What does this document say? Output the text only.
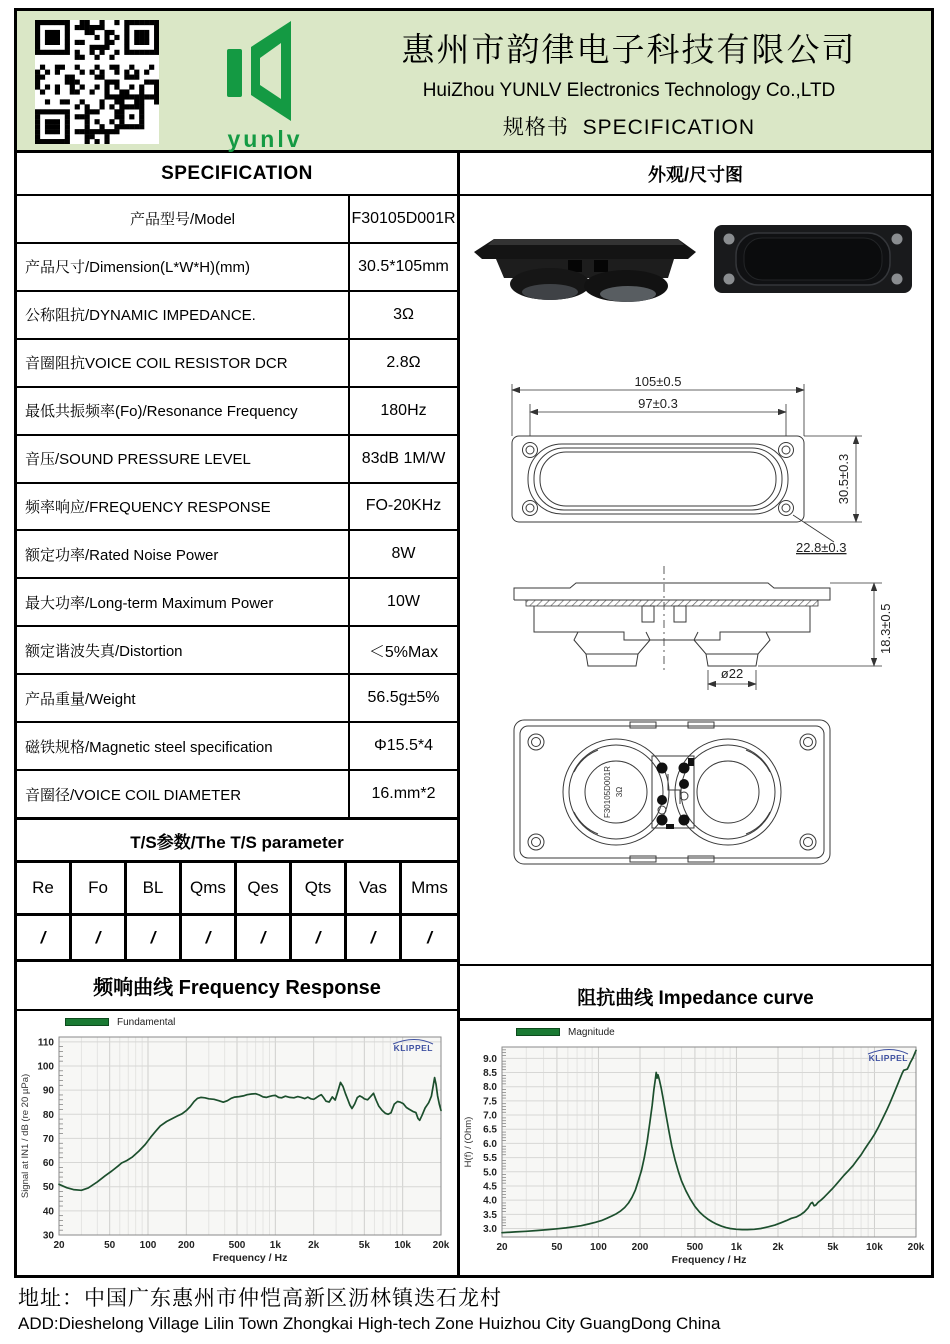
yunlv
惠州市韵律电子科技有限公司
HuiZhou YUNLV Electronics Technology Co.,LTD
规格书 SPECIFICATION
SPECIFICATION
产品型号/Model	F30105D001R
产品尺寸/Dimension(L*W*H)(mm)	30.5*105mm
公称阻抗/DYNAMIC IMPEDANCE.	3Ω
音圈阻抗VOICE COIL RESISTOR DCR	2.8Ω
最低共振频率(Fo)/Resonance Frequency	180Hz
音压/SOUND PRESSURE LEVEL	83dB 1M/W
频率响应/FREQUENCY RESPONSE	FO-20KHz
额定功率/Rated Noise Power	8W
最大功率/Long-term Maximum Power	10W
额定谐波失真/Distortion	＜5%Max
产品重量/Weight	56.5g±5%
磁铁规格/Magnetic steel specification	Φ15.5*4
音圈径/VOICE COIL DIAMETER	16.mm*2
T/S参数/The T/S parameter
Re	Fo	BL	Qms	Qes	Qts	Vas	Mms
/	/	/	/	/	/	/	/
频响曲线 Frequency Response
Fundamental
20	50 100 200	500 1k	2k	5k 10k 20k
30
40
50
60
70
80
90
100
110
Frequency / Hz
Signal at IN1 / dB (re 20 µPa)
KLIPPEL
外观/尺寸图
105±0.5
97±0.3
30.5±0.3
22.8±0.3
ø22
18.3±0.5
F30105D001R 3Ω
阻抗曲线 Impedance curve
Magnitude
20	50	100 200	500	1k	2k	5k	10k 20k
3.0
3.5
4.0
4.5
5.0
5.5
6.0
6.5
7.0
7.5
8.0
8.5
9.0
Frequency / Hz
H(f) / (Ohm)
KLIPPEL
地址：中国广东惠州市仲恺高新区沥林镇迭石龙村
ADD:Dieshelong Village Lilin Town Zhongkai High-tech Zone Huizhou City GuangDong China
